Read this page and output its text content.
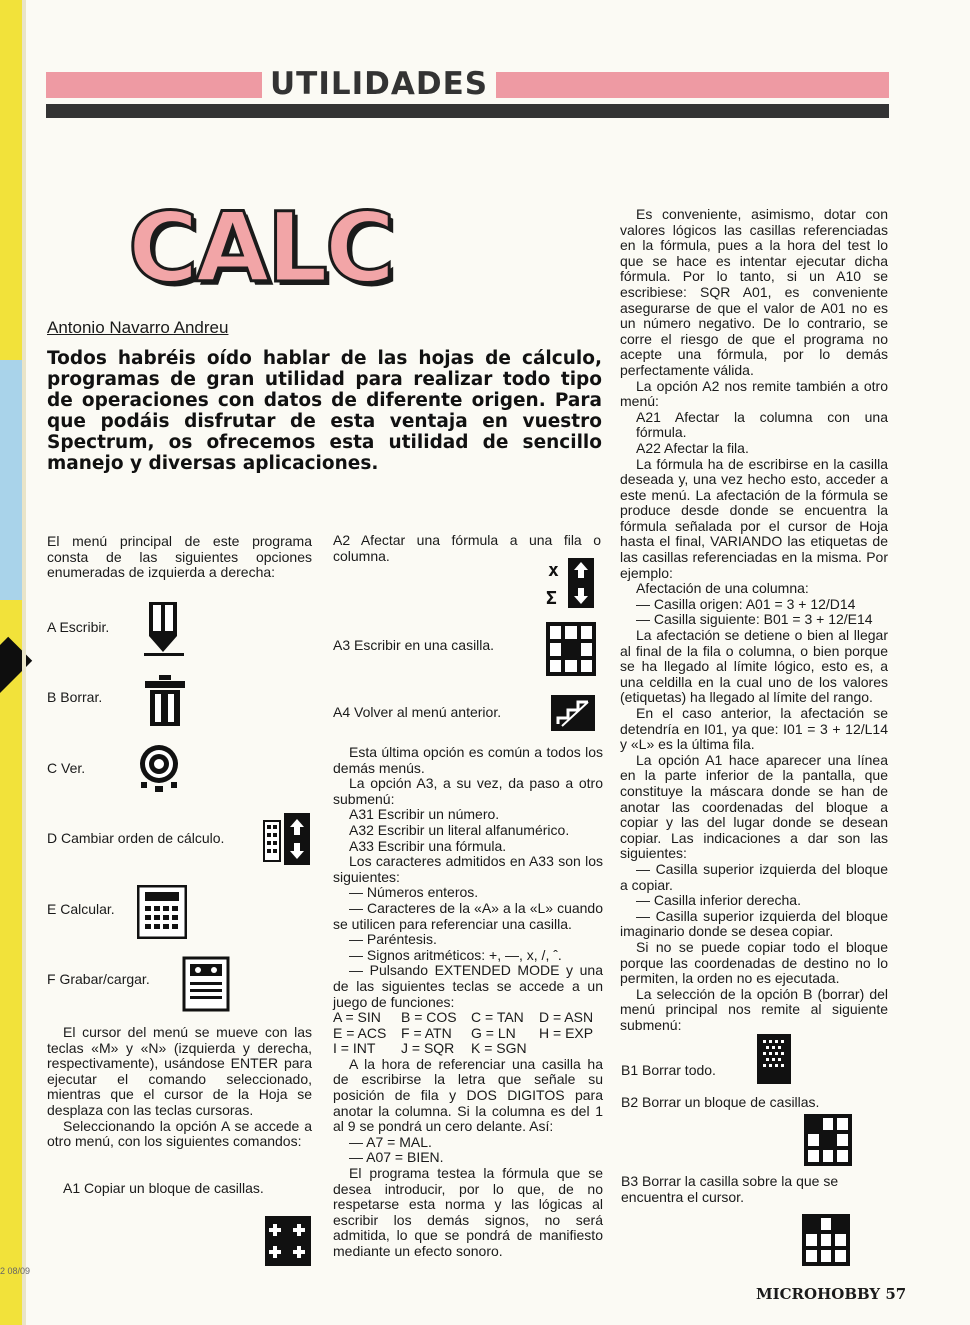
2 08/09
UTILIDADES
CALC
Antonio Navarro Andreu

Todos habréis oído hablar de las hojas de cálculo, programas de gran utilidad para realizar todo tipo de operaciones con datos de diferente origen. Para que podáis disfrutar de esta ventaja en vuestro Spectrum, os ofrecemos esta utilidad de sencillo manejo y diversas aplicaciones.

El menú principal de este programa consta de las siguientes opciones enumeradas de izquierda a derecha:
A Escribir.
B Borrar.
C Ver.
D Cambiar orden de cálculo.
E Calcular.
F Grabar/cargar.

El cursor del menú se mueve con las teclas «M» y «N» (izquierda y derecha, respectivamente), usándose ENTER para ejecutar el comando seleccionado, mientras que el cursor de la Hoja se desplaza con las teclas cursoras.

Seleccionando la opción A se accede a otro menú, con los siguientes comandos:

A1 Copiar un bloque de casillas.
A2 Afectar una fórmula a una fila o columna.
x
Σ
A3 Escribir en una casilla.
A4 Volver al menú anterior.

Esta última opción es común a todos los demás menús.

La opción A3, a su vez, da paso a otro submenú:

A31 Escribir un número.

A32 Escribir un literal alfanumérico.

A33 Escribir una fórmula.

Los caracteres admitidos en A33 son los siguientes:

— Números enteros.

— Caracteres de la «A» a la «L» cuando se utilicen para referenciar una casilla.

— Paréntesis.

— Signos aritméticos: +, —, x, /, ˆ.

— Pulsando EXTENDED MODE y una de las siguientes teclas se accede a un juego de funciones:

A = SIN	B = COS	C = TAN	D = ASN
E = ACS	F = ATN	G = LN	H = EXP
I = INT	J = SQR	K = SGN

A la hora de referenciar una casilla ha de escribirse la letra que señale su posición de fila y DOS DIGITOS para anotar la columna. Si la columna es del 1 al 9 se pondrá un cero delante. Así:

— A7 = MAL.

— A07 = BIEN.

El programa testea la fórmula que se desea introducir, por lo que, de no respetarse esta norma y las lógicas al escribir los demás signos, no será admitida, lo que se pondrá de manifiesto mediante un efecto sonoro.

Es conveniente, asimismo, dotar con valores lógicos las casillas referenciadas en la fórmula, pues a la hora del test lo que se hace es intentar ejecutar dicha fórmula. Por lo tanto, si un A10 se escribiese: SQR A01, es conveniente asegurarse de que el valor de A01 no es un número negativo. De lo contrario, se corre el riesgo de que el programa no acepte una fórmula, por lo demás perfectamente válida.

La opción A2 nos remite también a otro menú:

A21 Afectar la columna con una fórmula.

A22 Afectar la fila.

La fórmula ha de escribirse en la casilla deseada y, una vez hecho esto, acceder a este menú. La afectación de la fórmula se produce desde donde se encuentra la fórmula señalada por el cursor de Hoja hasta el final, VARIANDO las etiquetas de las casillas referenciadas en la misma. Por ejemplo:

Afectación de una columna:

— Casilla origen: A01 = 3 + 12/D14

— Casilla siguiente: B01 = 3 + 12/E14

La afectación se detiene o bien al llegar al final de la fila o columna, o bien porque se ha llegado al límite lógico, esto es, a una celdilla en la cual uno de los valores (etiquetas) ha llegado al límite del rango.

En el caso anterior, la afectación se detendría en I01, ya que: I01 = 3 + 12/L14 y «L» es la última fila.

La opción A1 hace aparecer una línea en la parte inferior de la pantalla, que constituye la máscara donde se han de anotar las coordenadas del bloque a copiar y las del lugar donde se desean copiar. Las indicaciones a dar son las siguientes:

— Casilla superior izquierda del bloque a copiar.

— Casilla inferior derecha.

— Casilla superior izquierda del bloque imaginario donde se desea copiar.

Si no se puede copiar todo el bloque porque las coordenadas de destino no lo permiten, la orden no es ejecutada.

La selección de la opción B (borrar) del menú principal nos remite al siguiente submenú:

B1 Borrar todo.
B2 Borrar un bloque de casillas.
B3 Borrar la casilla sobre la que se encuentra el cursor.
MICROHOBBY 57
